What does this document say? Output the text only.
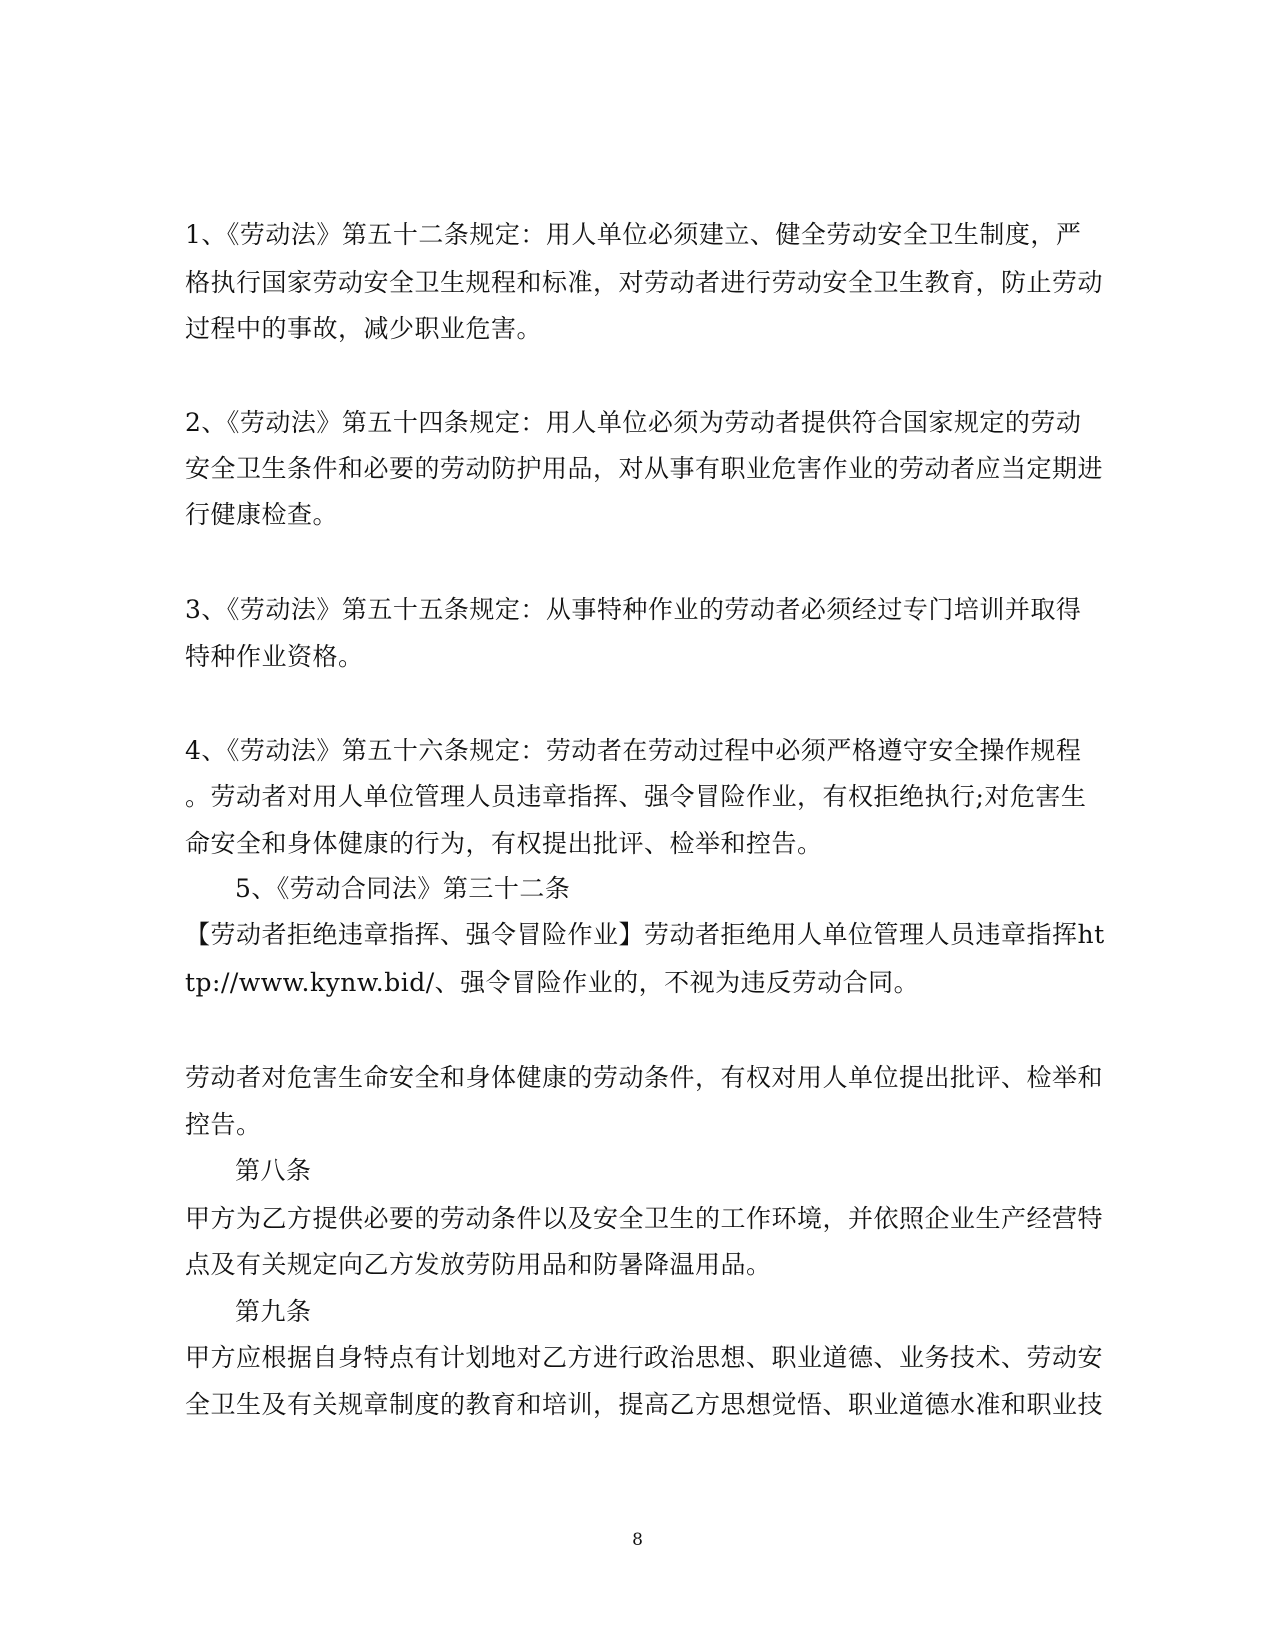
1、《劳动法》第五十二条规定：用人单位必须建立、健全劳动安全卫生制度，严
格执行国家劳动安全卫生规程和标准，对劳动者进行劳动安全卫生教育，防止劳动
过程中的事故，减少职业危害。
2、《劳动法》第五十四条规定：用人单位必须为劳动者提供符合国家规定的劳动
安全卫生条件和必要的劳动防护用品，对从事有职业危害作业的劳动者应当定期进
行健康检查。
3、《劳动法》第五十五条规定：从事特种作业的劳动者必须经过专门培训并取得
特种作业资格。
4、《劳动法》第五十六条规定：劳动者在劳动过程中必须严格遵守安全操作规程
。劳动者对用人单位管理人员违章指挥、强令冒险作业，有权拒绝执行;对危害生
命安全和身体健康的行为，有权提出批评、检举和控告。
5、《劳动合同法》第三十二条
【劳动者拒绝违章指挥、强令冒险作业】劳动者拒绝用人单位管理人员违章指挥ht
tp://www.kynw.bid/、强令冒险作业的，不视为违反劳动合同。
劳动者对危害生命安全和身体健康的劳动条件，有权对用人单位提出批评、检举和
控告。
第八条
甲方为乙方提供必要的劳动条件以及安全卫生的工作环境，并依照企业生产经营特
点及有关规定向乙方发放劳防用品和防暑降温用品。
第九条
甲方应根据自身特点有计划地对乙方进行政治思想、职业道德、业务技术、劳动安
全卫生及有关规章制度的教育和培训，提高乙方思想觉悟、职业道德水准和职业技
8
